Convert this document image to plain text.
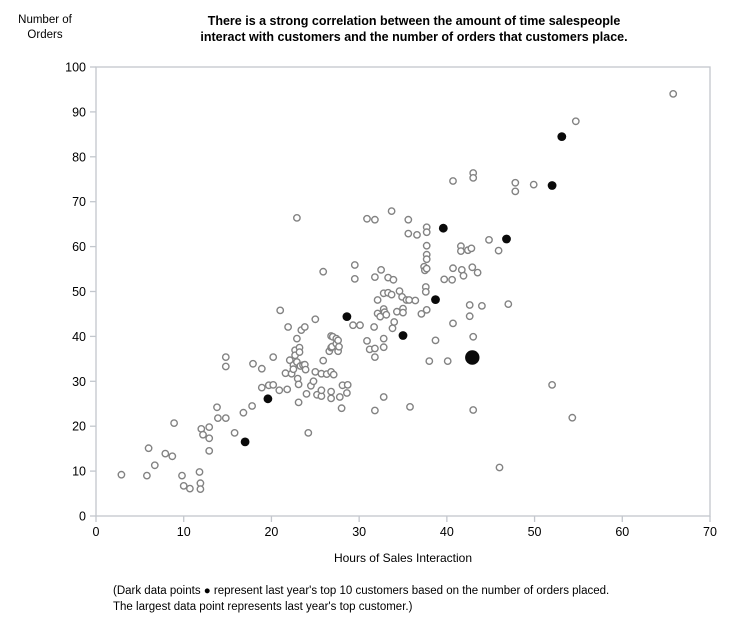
Number of
Orders
There is a strong correlation between the amount of time salespeople
interact with customers and the number of orders that customers place.
0
10
20
30
40
50
60
70
80
90
100
0	10	20	30	40	50	60	70
Hours of Sales Interaction
(Dark data points ● represent last year's top 10 customers based on the number of orders placed.
The largest data point represents last year's top customer.)
